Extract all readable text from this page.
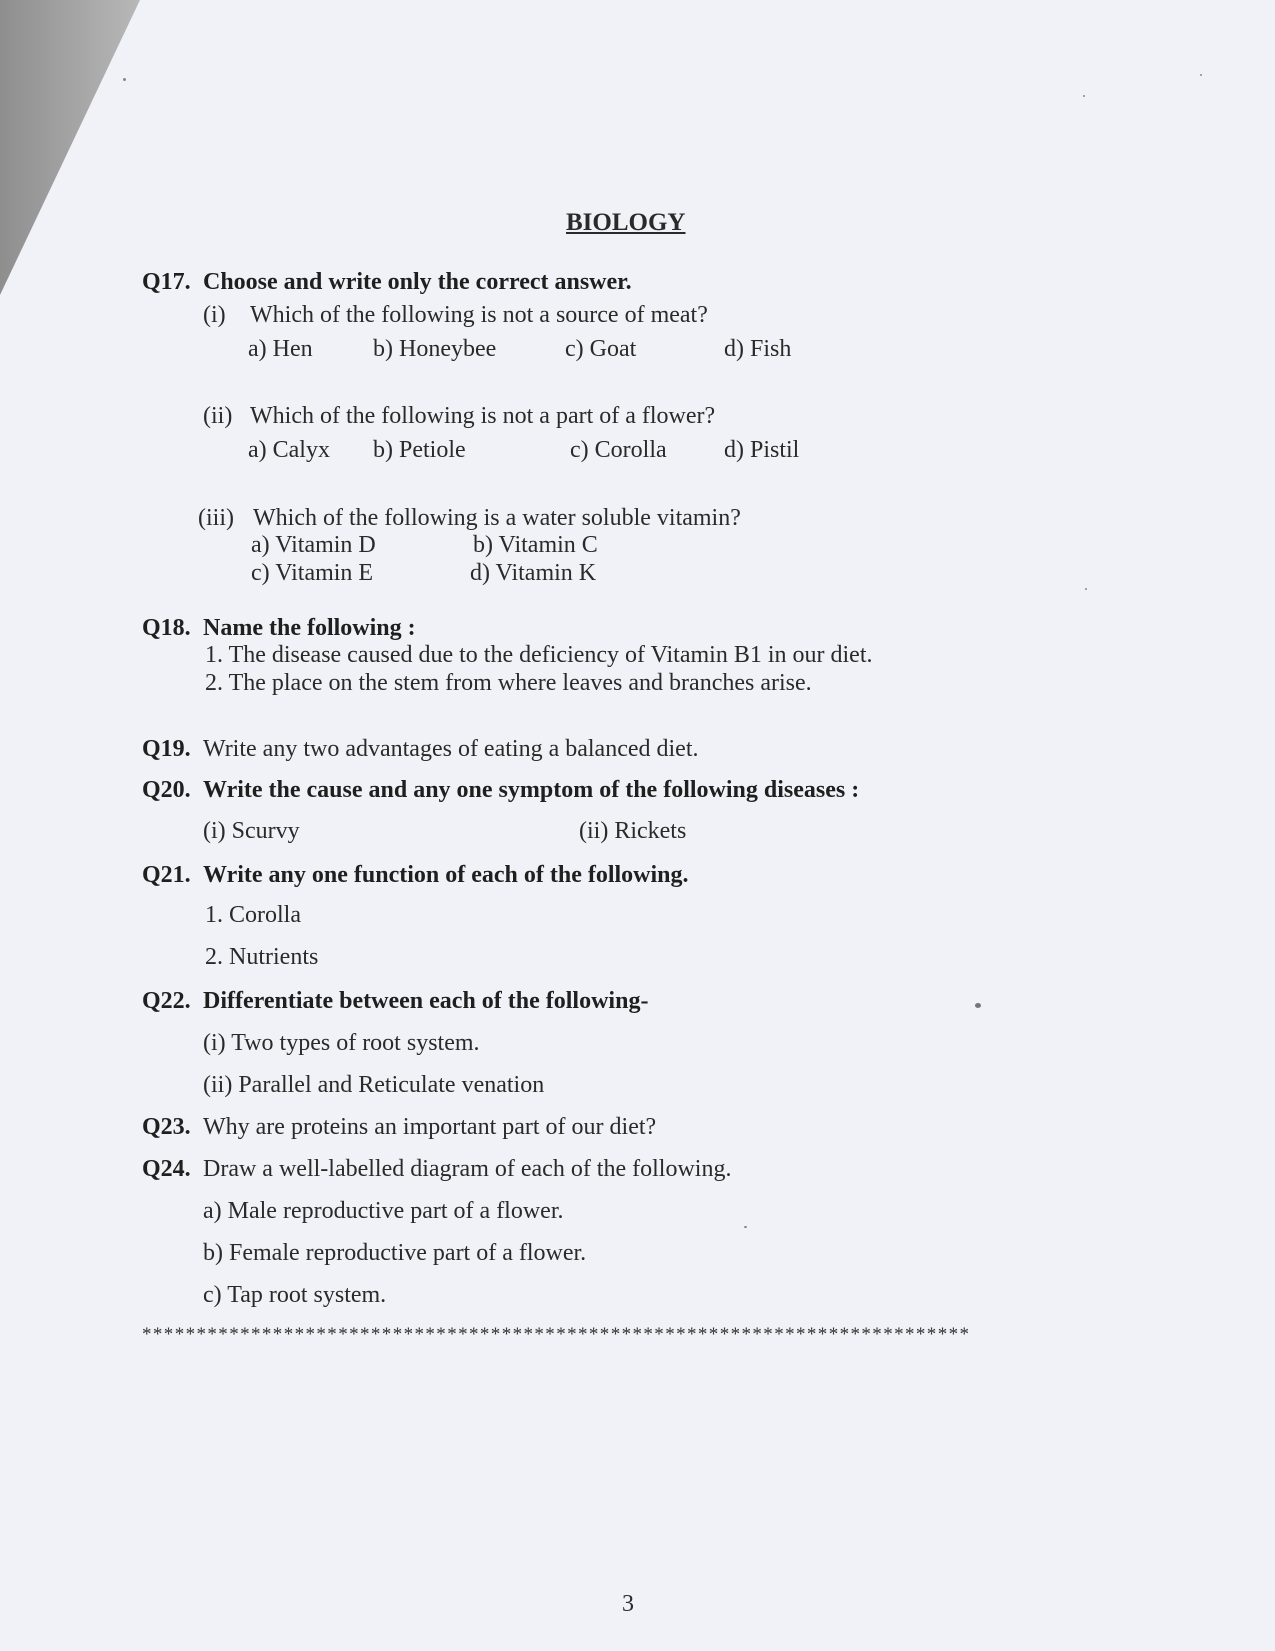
BIOLOGY
Q17. Choose and write only the correct answer.
(i) Which of the following is not a source of meat?
a) Hen	b) Honeybee	c) Goat	d) Fish
(ii) Which of the following is not a part of a flower?
a) Calyx b) Petiole	c) Corolla d) Pistil
(iii) Which of the following is a water soluble vitamin?
a) Vitamin D	b) Vitamin C
c) Vitamin E	d) Vitamin K
Q18. Name the following :
1. The disease caused due to the deficiency of Vitamin B1 in our diet.
2. The place on the stem from where leaves and branches arise.
Q19. Write any two advantages of eating a balanced diet.
Q20. Write the cause and any one symptom of the following diseases :
(i) Scurvy	(ii) Rickets
Q21. Write any one function of each of the following.
1. Corolla
2. Nutrients
Q22. Differentiate between each of the following-
(i) Two types of root system.
(ii) Parallel and Reticulate venation
Q23. Why are proteins an important part of our diet?
Q24. Draw a well-labelled diagram of each of the following.
a) Male reproductive part of a flower.
b) Female reproductive part of a flower.
c) Tap root system.
****************************************************************************
3
